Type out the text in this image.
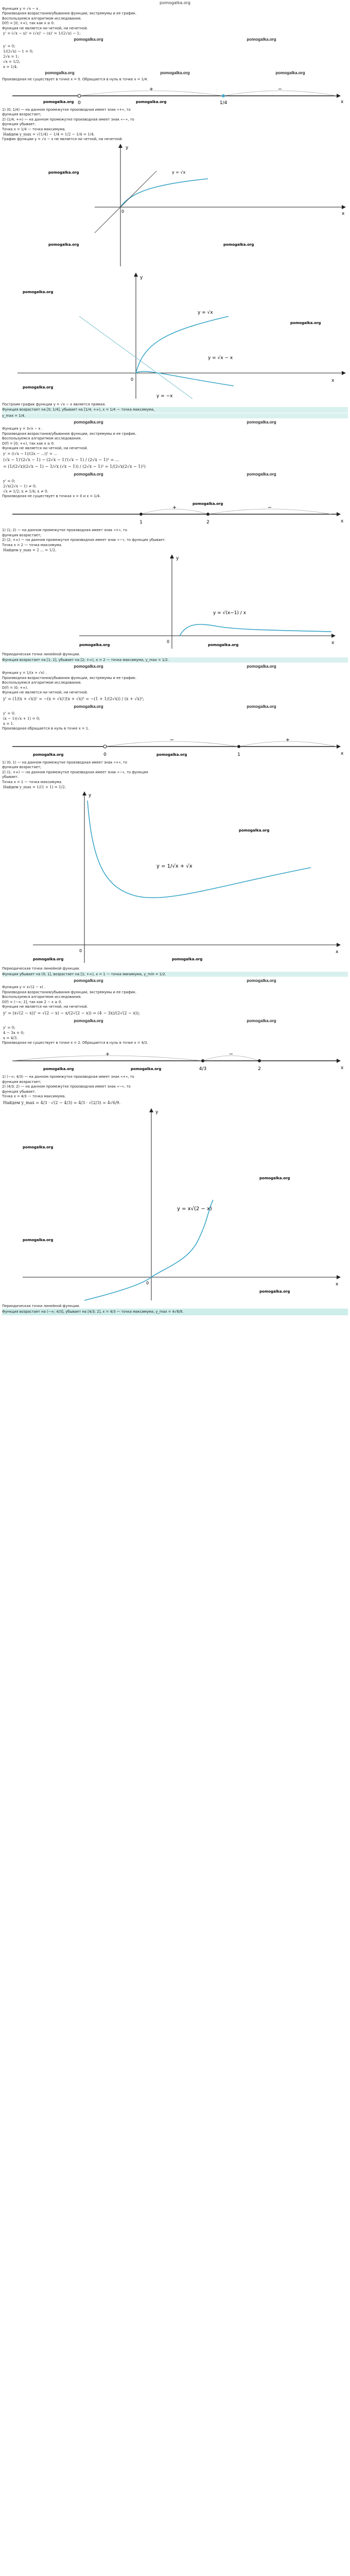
pomogalka.org
Функция y = √x − x .
Производная возрастания/убывания функции, экстремумы и ее график.
Воспользуемся алгоритмом исследования.
D(f) = [0; +∞), так как x ≥ 0.
Функция не является ни четной, ни нечетной.
y' = (√x − x)' = (√x)' − (x)' = 1/(2√x) − 1;
pomogalka.org	pomogalka.org
y' = 0;
1/(2√x) − 1 = 0;
2√x = 1;
√x = 1/2;
x = 1/4.
pomogalka.org	pomogalka.org	pomogalka.org
Производная не существует в точке x = 0. Обращается в нуль в точке x = 1/4.
+	−
0	1/4	x
pomogalka.org	pomogalka.org
1) (0; 1/4) — на данном промежутке производная имеет знак «+», то
функция возрастает;
2) (1/4; +∞) — на данном промежутке производная имеет знак «−», то
функция убывает.
Точка x = 1/4 — точка максимума.
Найдем y_max = √(1/4) − 1/4 = 1/2 − 1/4 = 1/4.
График функции y = √x − x не является ни четной, ни нечетной.
y
x
0
y = √x
pomogalka.org
pomogalka.org	pomogalka.org
y
x
0
y = √x
y = √x − x
y = −x
pomogalka.org
pomogalka.org
pomogalka.org
Построим график функции y = √x − x является прямая.
Функция возрастает на [0; 1/4], убывает на [1/4; +∞), x = 1/4 — точка максимума,
y_max = 1/4.
pomogalka.org	pomogalka.org
Функция y = 3√x − x .
Производная возрастания/убывания функции, экстремумы и ее график.
Воспользуемся алгоритмом исследования.
D(f) = [0; +∞), так как x ≥ 0.
Функция не является ни четной, ни нечетной.
y' = ((√x − 1)/(2x − ...))' = ...
(√x − 1)'(2√x − 1) − (2√x − 1)'(√x − 1) / (2√x − 1)² = ...
= (1/(2√x)(2√x − 1) − 1/√x (√x − 1)) / (2√x − 1)² = 1/(2√x(2√x − 1)²)
pomogalka.org	pomogalka.org
y' = 0;
2√x(2√x − 1) ≠ 0;
√x ≠ 1/2; x ≠ 1/4; x ≠ 0.
Производная не существует в точках x = 0 и x = 1/4.
+	−
1	2	x
pomogalka.org
1) (1; 2) — на данном промежутке производная имеет знак «+», то
функция возрастает;
2) (2; +∞) — на данном промежутке производная имеет знак «−», то функция убывает.
Точка x = 2 — точка максимума.
Найдем y_max = 2 ... = 1/2.
y
x
0
y = √(x−1) / x
pomogalka.org	pomogalka.org
Периодическая точки линейной функции.
Функция возрастает на [1; 2], убывает на [2; +∞), x = 2 — точка максимума, y_max = 1/2.
pomogalka.org	pomogalka.org
Функция y = 1/(x + √x) .
Производная возрастания/убывания функции, экстремумы и ее график.
Воспользуемся алгоритмом исследования.
D(f) = (0; +∞).
Функция не является ни четной, ни нечетной.
y' = (1/(x + √x))' = −(x + √x)'/(x + √x)² = −(1 + 1/(2√x)) / (x + √x)²;
pomogalka.org	pomogalka.org
y' = 0;
(x − 1)(√x + 1) = 0;
x = 1.
Производная обращается в нуль в точке x = 1.
−	+
0	1	x
pomogalka.org	pomogalka.org
1) (0; 1) — на данном промежутке производная имеет знак «+», то
функция возрастает;
2) (1; +∞) — на данном промежутке производная имеет знак «−», то функция
убывает.
Точка x = 1 — точка максимума.
Найдем y_max = 1/(1 + 1) = 1/2.
y
x
0
y = 1/√x + √x
pomogalka.org	pomogalka.org
pomogalka.org
Периодическая точки линейной функции.
Функция убывает на (0; 1], возрастает на [1; +∞), x = 1 — точка минимума, y_min = 1/2.
pomogalka.org	pomogalka.org
Функция y = x√(2 − x) .
Производная возрастания/убывания функции, экстремумы и ее график.
Воспользуемся алгоритмом исследования.
D(f) = (−∞; 2], так как 2 − x ≥ 0.
Функция не является ни четной, ни нечетной.
y' = (x√(2 − x))' = √(2 − x) − x/(2√(2 − x)) = (4 − 3x)/(2√(2 − x));
pomogalka.org	pomogalka.org
y' = 0;
4 − 3x = 0;
x = 4/3.
Производная не существует в точке x = 2. Обращается в нуль в точке x = 4/3.
+	−
4/3	2	x
pomogalka.org	pomogalka.org
1) (−∞; 4/3) — на данном промежутке производная имеет знак «+», то
функция возрастает;
2) (4/3; 2) — на данном промежутке производная имеет знак «−», то
функция убывает.
Точка x = 4/3 — точка максимума.
Найдем y_max = 4/3 · √(2 − 4/3) = 4/3 · √(2/3) = 4√6/9.
y
x
0
y = x√(2 − x)
pomogalka.org
pomogalka.org
pomogalka.org
pomogalka.org
Периодическая точки линейной функции.
Функция возрастает на (−∞; 4/3], убывает на [4/3; 2], x = 4/3 — точка максимума, y_max = 4√6/9.
